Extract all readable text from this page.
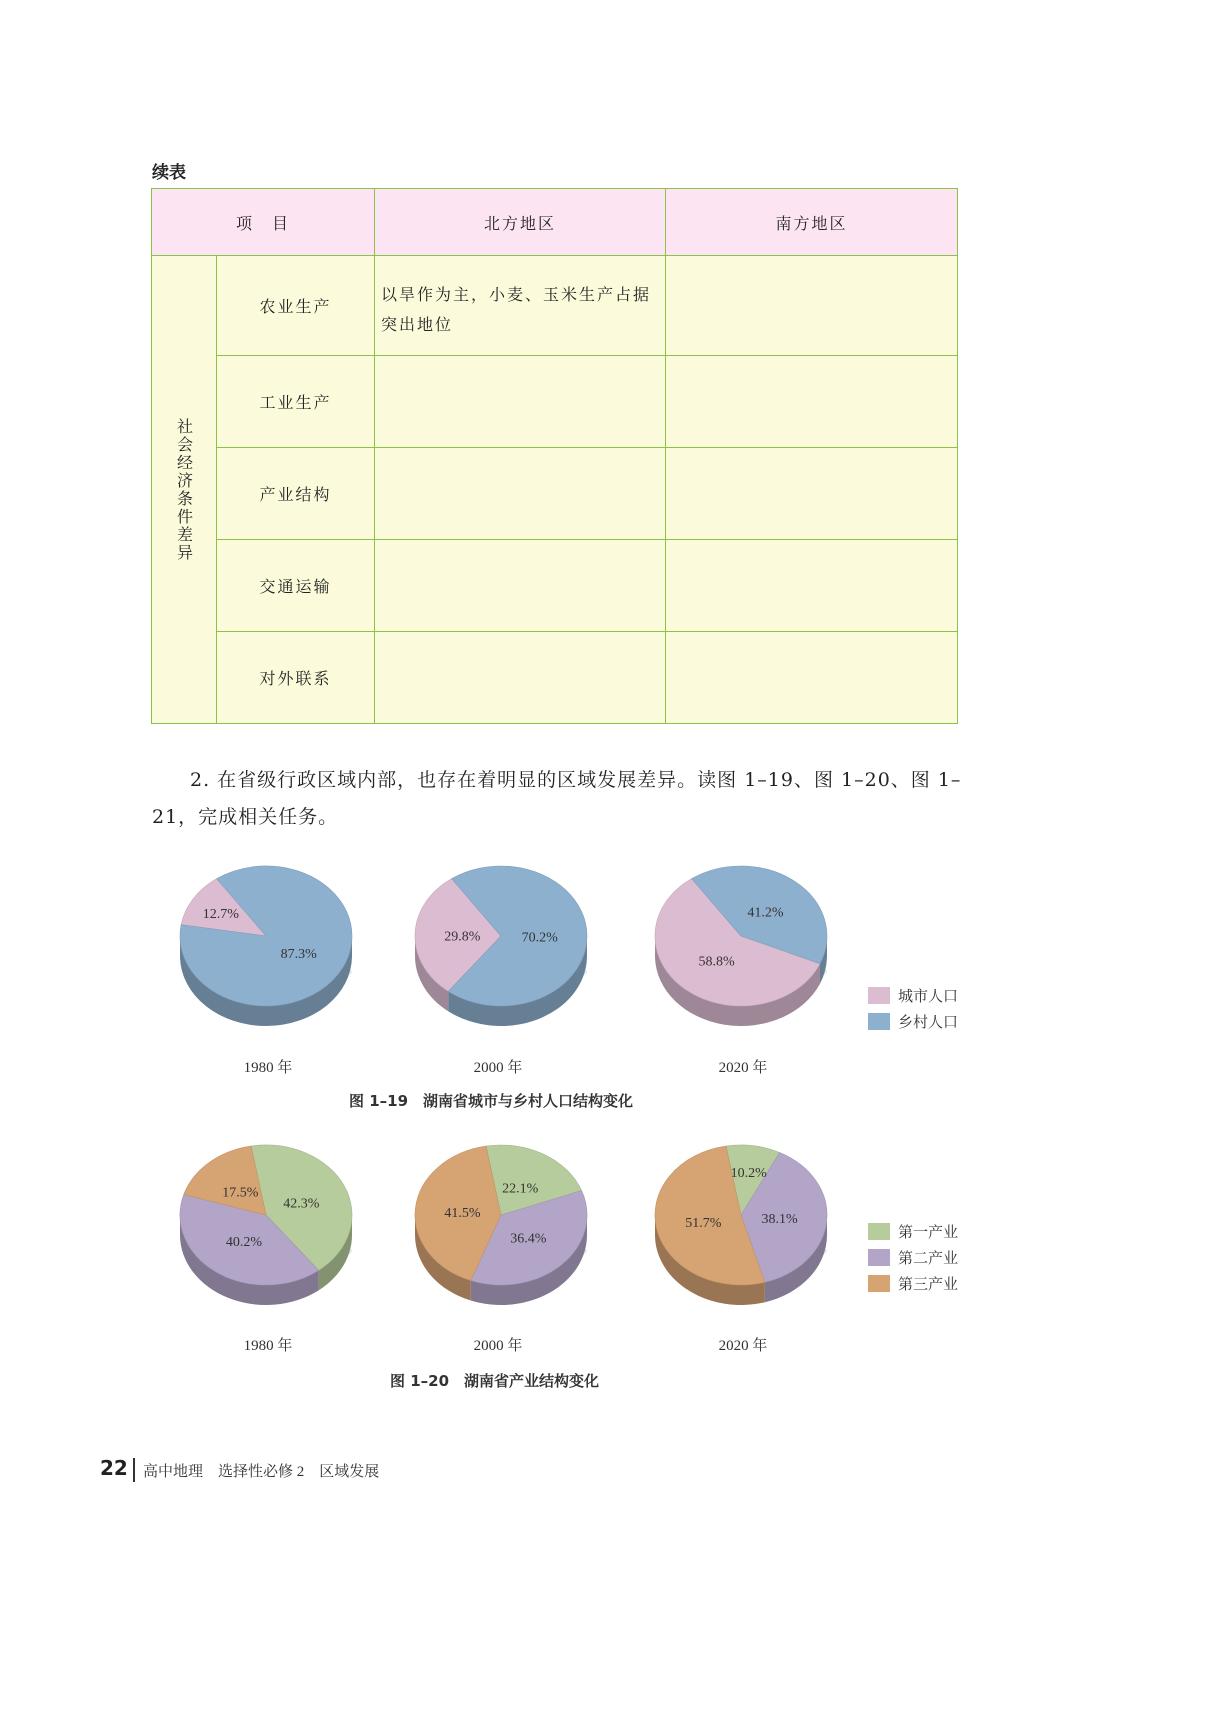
续表
项　目		北方地区	南方地区
社会经济条件差异	农业生产	以旱作为主，小麦、玉米生产占据突出地位	
	工业生产		
	产业结构		
	交通运输		
	对外联系		
2. 在省级行政区域内部，也存在着明显的区域发展差异。读图 1–19、图 1–20、图 1–21，完成相关任务。
12.7%
87.3%
29.8%	70.2%
58.8%
41.2%
1980 年	2000 年	2020 年
城市人口
乡村人口
图 1–19　湖南省城市与乡村人口结构变化
42.3%
40.2%
17.5%	22.1%
36.4%
41.5%
10.2%
38.1%
51.7%
1980 年	2000 年	2020 年
第一产业
第二产业
第三产业
图 1–20　湖南省产业结构变化
22 高中地理　选择性必修 2　区域发展
